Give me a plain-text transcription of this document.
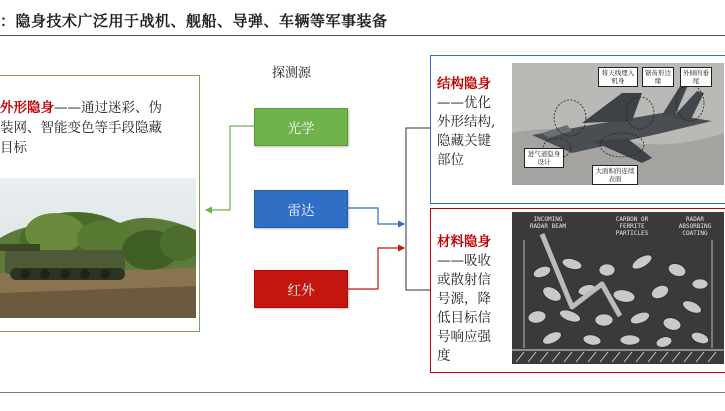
：隐身技术广泛用于战机、舰船、导弹、车辆等军事装备
外形隐身——通过迷彩、伪
装网、智能变色等手段隐藏
目标
探测源
光学
雷达
红外
结构隐身
——优化
外形结构,
隐藏关键
部位
材料隐身
——吸收
或散射信
号源，降
低目标信
号响应强
度
将天线埋入机身
锯齿形边缘
外倾的垂尾
进气道隐身设计
大面积的连续表面
INCOMING RADAR BEAM
CARBON OR FERRITE PARTICLES
RADAR ABSORBING COATING
